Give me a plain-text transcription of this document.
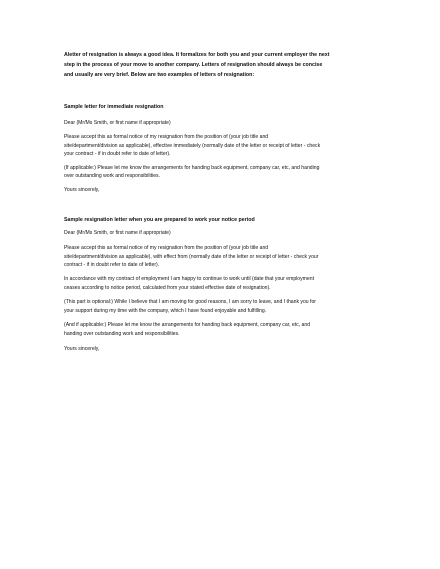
Aletter of resignation is always a good idea. It formalizes for both you and your current employer the next

step in the process of your move to another company. Letters of resignation should always be concise

and usually are very brief. Below are two examples of letters of resignation:

Sample letter for immediate resignation
Dear (Mr/Ms Smith, or first name if appropriate)

Please accept this as formal notice of my resignation from the position of (your job title and

site/department/division as applicable), effective immediately (normally date of the letter or receipt of letter - check

your contract - if in doubt refer to date of letter).

(If applicable:) Please let me know the arrangements for handing back equipment, company car, etc, and handing

over outstanding work and responsibilities.

Yours sincerely,
Sample resignation letter when you are prepared to work your notice period
Dear (Mr/Ms Smith, or first name if appropriate)

Please accept this as formal notice of my resignation from the position of (your job title and

site/department/division as applicable), with effect from (normally date of the letter or receipt of letter - check your

contract - if in doubt refer to date of letter).

In accordance with my contract of employment I am happy to continue to work until (date that your employment

ceases according to notice period, calculated from your stated effective date of resignation).

(This part is optional:) While I believe that I am moving for good reasons, I am sorry to leave, and I thank you for

your support during my time with the company, which I have found enjoyable and fulfilling.

(And if applicable:) Please let me know the arrangements for handing back equipment, company car, etc, and

handing over outstanding work and responsibilities.

Yours sincerely,
